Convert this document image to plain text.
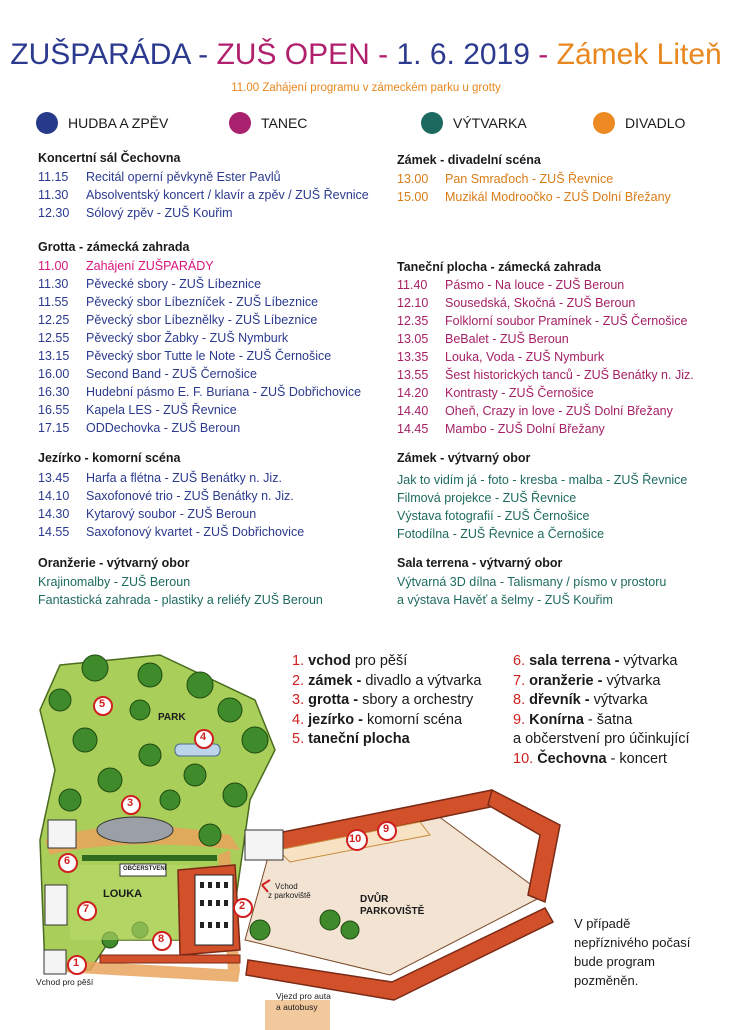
ZUŠPARÁDA - ZUŠ OPEN - 1. 6. 2019 - Zámek Liteň
11.00 Zahájení programu v zámeckém parku u grotty
HUDBA A ZPĚV	TANEC	VÝTVARKA	DIVADLO
Koncertní sál Čechovna
11.15 Recitál operní pěvkyně Ester Pavlů
11.30 Absolventský koncert / klavír a zpěv / ZUŠ Řevnice
12.30 Sólový zpěv - ZUŠ Kouřim
Grotta - zámecká zahrada
11.00 Zahájení ZUŠPARÁDY
11.30 Pěvecké sbory - ZUŠ Líbeznice
11.55 Pěvecký sbor Líbezníček - ZUŠ Líbeznice
12.25 Pěvecký sbor Líbeznělky - ZUŠ Líbeznice
12.55 Pěvecký sbor Žabky - ZUŠ Nymburk
13.15 Pěvecký sbor Tutte le Note - ZUŠ Černošice
16.00 Second Band - ZUŠ Černošice
16.30 Hudební pásmo E. F. Buriana - ZUŠ Dobřichovice
16.55 Kapela LES - ZUŠ Řevnice
17.15 ODDechovka - ZUŠ Beroun
Jezírko - komorní scéna
13.45 Harfa a flétna - ZUŠ Benátky n. Jiz.
14.10 Saxofonové trio - ZUŠ Benátky n. Jiz.
14.30 Kytarový soubor - ZUŠ Beroun
14.55 Saxofonový kvartet - ZUŠ Dobřichovice
Oranžerie - výtvarný obor
Krajinomalby - ZUŠ Beroun
Fantastická zahrada - plastiky a reliéfy ZUŠ Beroun
Zámek - divadelní scéna
13.00 Pan Smraďoch - ZUŠ Řevnice
15.00 Muzikál Modroočko - ZUŠ Dolní Břežany
Taneční plocha - zámecká zahrada
11.40 Pásmo - Na louce - ZUŠ Beroun
12.10 Sousedská, Skočná - ZUŠ Beroun
12.35 Folklorní soubor Pramínek - ZUŠ Černošice
13.05 BeBalet - ZUŠ Beroun
13.35 Louka, Voda - ZUŠ Nymburk
13.55 Šest historických tanců - ZUŠ Benátky n. Jiz.
14.20 Kontrasty - ZUŠ Černošice
14.40 Oheň, Crazy in love - ZUŠ Dolní Břežany
14.45 Mambo - ZUŠ Dolní Břežany
Zámek - výtvarný obor
Jak to vidím já - foto - kresba - malba - ZUŠ Řevnice
Filmová projekce - ZUŠ Řevnice
Výstava fotografií - ZUŠ Černošice
Fotodílna - ZUŠ Řevnice a Černošice
Sala terrena - výtvarný obor
Výtvarná 3D dílna - Talismany / písmo v prostoru
a výstava Havěť a šelmy - ZUŠ Kouřim
1
2
3
4
5
6
7
8
9
10
PARK
LOUKA
OBČERSTVENÍ
DVŮR
PARKOVIŠTĚ
Vchod
z parkoviště
Vchod pro pěší
Vjezd pro auta
a autobusy
1. vchod pro pěší
2. zámek - divadlo a výtvarka
3. grotta - sbory a orchestry
4. jezírko - komorní scéna
5. taneční plocha
6. sala terrena - výtvarka
7. oranžerie - výtvarka
8. dřevník - výtvarka
9. Konírna - šatna
a občerstvení pro účinkující
10. Čechovna - koncert
V případě
nepříznivého počasí
bude program
pozměněn.
